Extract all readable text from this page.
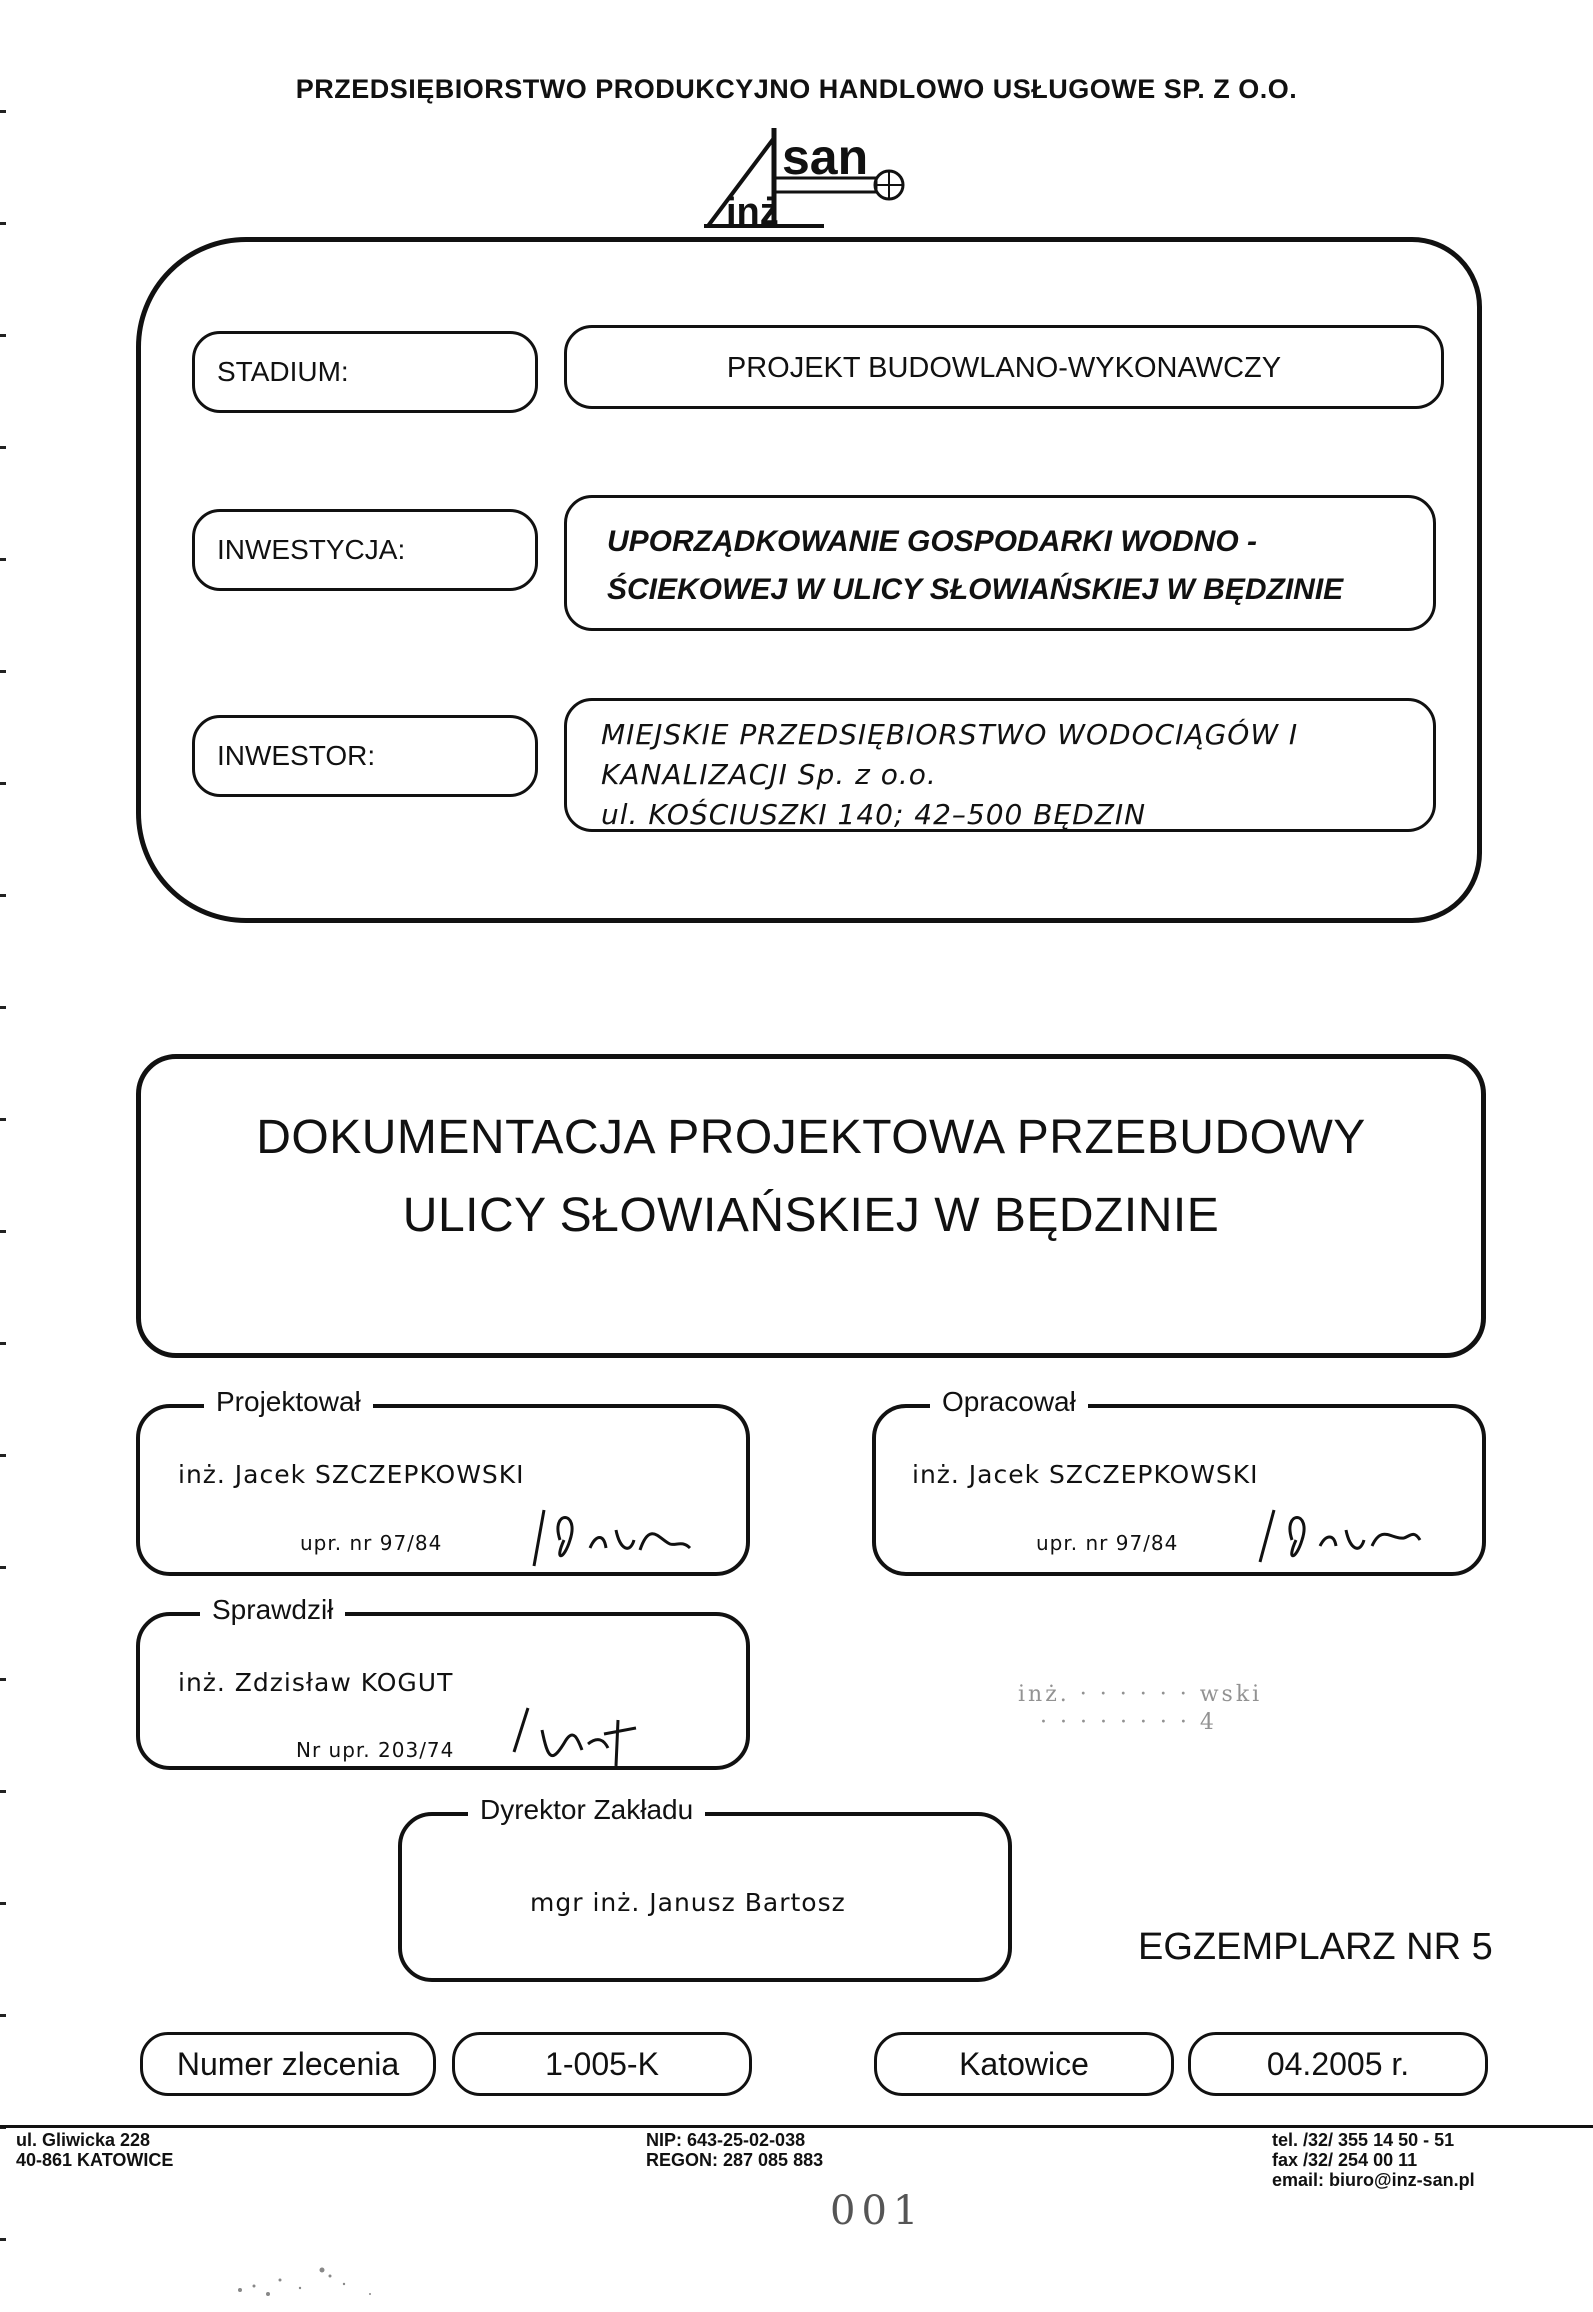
PRZEDSIĘBIORSTWO PRODUKCYJNO HANDLOWO USŁUGOWE SP. Z O.O.
san
inż
STADIUM:	PROJEKT BUDOWLANO-WYKONAWCZY
INWESTYCJA:	UPORZĄDKOWANIE GOSPODARKI WODNO -
ŚCIEKOWEJ W ULICY SŁOWIAŃSKIEJ W BĘDZINIE
INWESTOR:
MIEJSKIE PRZEDSIĘBIORSTWO WODOCIĄGÓW I
KANALIZACJI Sp. z o.o.
ul. KOŚCIUSZKI 140; 42–500 BĘDZIN
DOKUMENTACJA PROJEKTOWA PRZEBUDOWY
ULICY SŁOWIAŃSKIEJ W BĘDZINIE
Projektował
inż. Jacek SZCZEPKOWSKI
upr. nr 97/84
Opracował
inż. Jacek SZCZEPKOWSKI
upr. nr 97/84
Sprawdził
inż. Zdzisław KOGUT
Nr upr. 203/74
inż. · · · · · · wski
· · · · · · · · 4
Dyrektor Zakładu
mgr inż. Janusz Bartosz
EGZEMPLARZ NR 5
Numer zlecenia	1-005-K	Katowice	04.2005 r.
ul. Gliwicka 228
40-861 KATOWICE
NIP: 643-25-02-038
REGON: 287 085 883
tel. /32/ 355 14 50 - 51
fax /32/ 254 00 11
email: biuro@inz-san.pl
001
